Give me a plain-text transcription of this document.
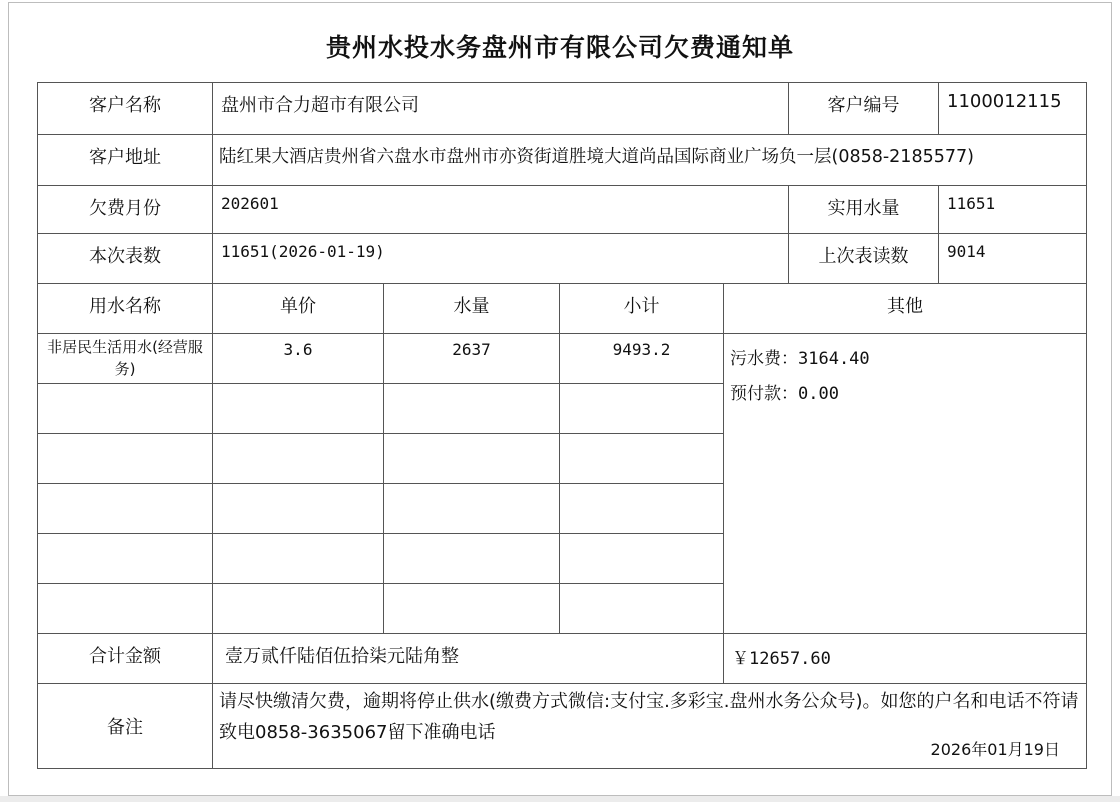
贵州水投水务盘州市有限公司欠费通知单
客户名称	盘州市合力超市有限公司				客户编号	1100012115
客户地址	陆红果大酒店贵州省六盘水市盘州市亦资街道胜境大道尚品国际商业广场负一层(0858-2185577)					
欠费月份	202601				实用水量	11651
本次表数	11651(2026-01-19)				上次表读数	9014
用水名称	单价	水量	小计	其他		
非居民生活用水(经营服务)	3.6	2637	9493.2	污水费：3164.40
预付款：0.00		

合计金额	壹万贰仟陆佰伍拾柒元陆角整			￥12657.60		
备注	请尽快缴清欠费，逾期将停止供水(缴费方式微信:支付宝.多彩宝.盘州水务公众号)。如您的户名和电话不符请致电0858-3635067留下准确电话
2026年01月19日					
